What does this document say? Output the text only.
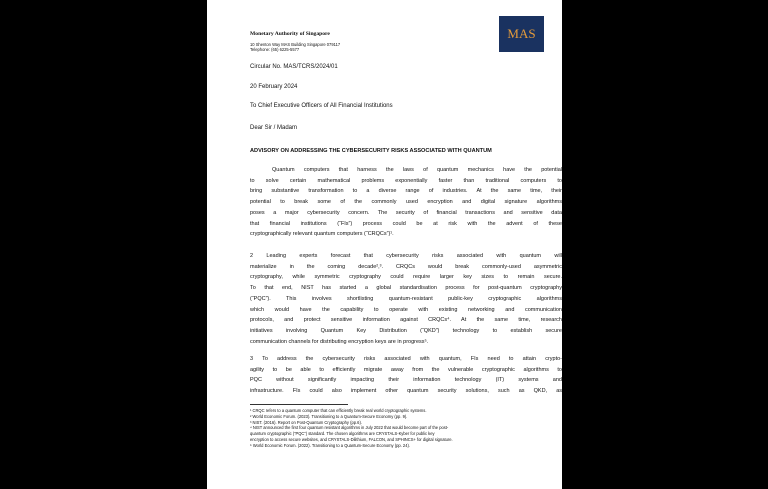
Monetary Authority of Singapore
10 Shenton Way MAS Building Singapore 079117
Telephone: (65) 6225-5577
MAS
Circular No. MAS/TCRS/2024/01
20 February 2024
To Chief Executive Officers of All Financial Institutions
Dear Sir / Madam
ADVISORY ON ADDRESSING THE CYBERSECURITY RISKS ASSOCIATED WITH QUANTUM
Quantum computers that harness the laws of quantum mechanics have the potential
to solve certain mathematical problems exponentially faster than traditional computers to
bring substantive transformation to a diverse range of industries. At the same time, their
potential to break some of the commonly used encryption and digital signature algorithms
poses a major cybersecurity concern. The security of financial transactions and sensitive data
that financial institutions (“FIs”) process could be at risk with the advent of these
cryptographically relevant quantum computers (“CRQCs”)¹.
2 Leading experts forecast that cybersecurity risks associated with quantum will
materialize in the coming decade²,³. CRQCs would break commonly-used asymmetric
cryptography, while symmetric cryptography could require larger key sizes to remain secure.
To that end, NIST has started a global standardisation process for post-quantum cryptography
(“PQC”). This involves shortlisting quantum-resistant public-key cryptographic algorithms
which would have the capability to operate with existing networking and communication
protocols, and protect sensitive information against CRQCs⁴. At the same time, research
initiatives involving Quantum Key Distribution (“QKD”) technology to establish secure
communication channels for distributing encryption keys are in progress⁵.
3 To address the cybersecurity risks associated with quantum, FIs need to attain crypto-
agility to be able to efficiently migrate away from the vulnerable cryptographic algorithms to
PQC without significantly impacting their information technology (IT) systems and
infrastructure. FIs could also implement other quantum security solutions, such as QKD, as
¹ CRQC refers to a quantum computer that can efficiently break real world cryptographic systems.
² World Economic Forum. (2023). Transitioning to a Quantum-Secure Economy (pp. 9).
³ NIST. (2016). Report on Post-Quantum Cryptography (pp.6).
⁴ NIST announced the first four quantum resistant algorithms in July 2022 that would become part of the post-
quantum cryptographic (“PQC”) standard. The chosen algorithms are CRYSTALS-Kyber for public key
encryption to access secure websites, and CRYSTALS-Dilithium, FALCON, and SPHINCS+ for digital signature.
⁵ World Economic Forum. (2022). Transitioning to a Quantum-Secure Economy (pp. 24).
